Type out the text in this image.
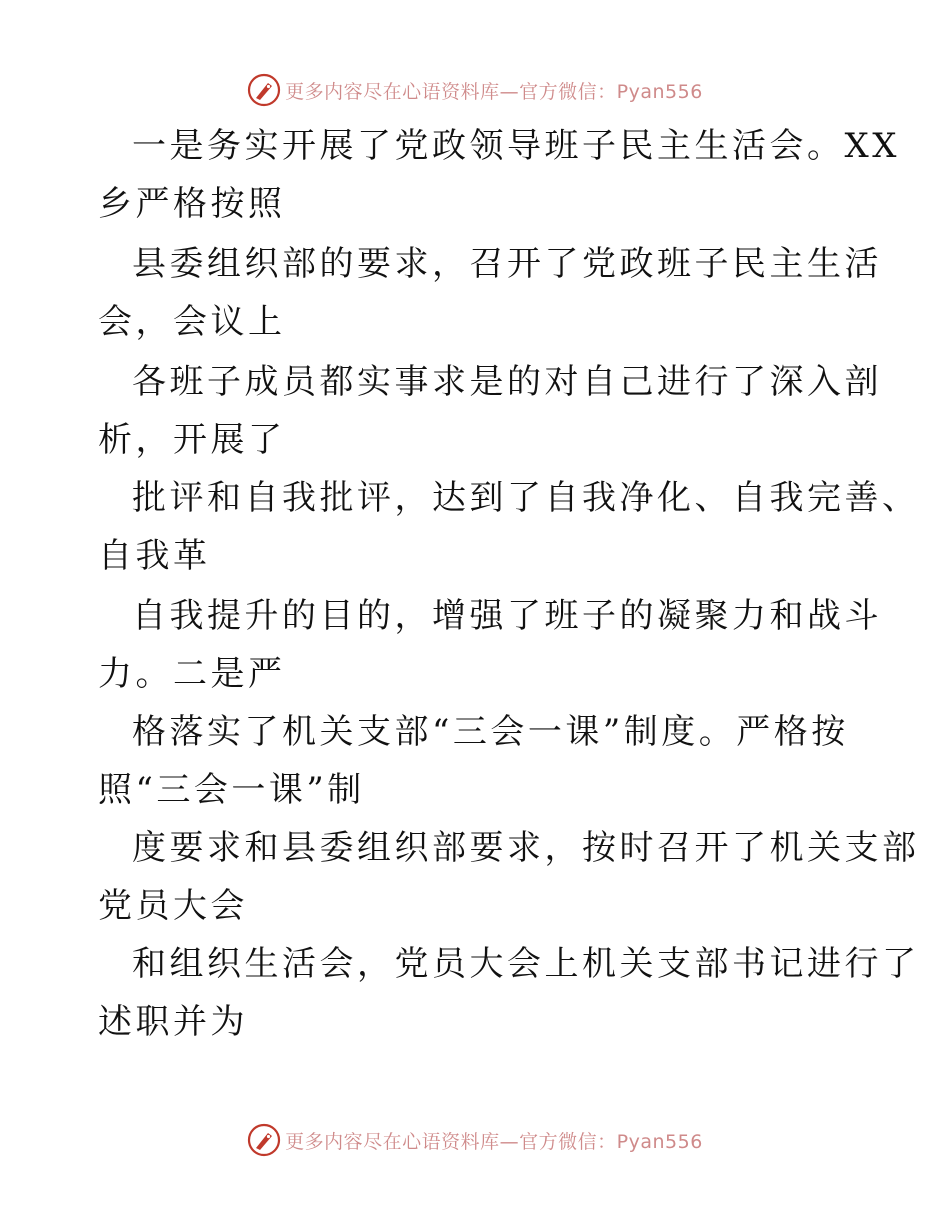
更多内容尽在心语资料库—官方微信：Pyan556
一是务实开展了党政领导班子民主生活会。XX
乡严格按照
县委组织部的要求，召开了党政班子民主生活
会，会议上
各班子成员都实事求是的对自己进行了深入剖
析，开展了
批评和自我批评，达到了自我净化、自我完善、
自我革
自我提升的目的，增强了班子的凝聚力和战斗
力。二是严
格落实了机关支部“三会一课”制度。严格按
照“三会一课”制
度要求和县委组织部要求，按时召开了机关支部
党员大会
和组织生活会，党员大会上机关支部书记进行了
述职并为
更多内容尽在心语资料库—官方微信：Pyan556
